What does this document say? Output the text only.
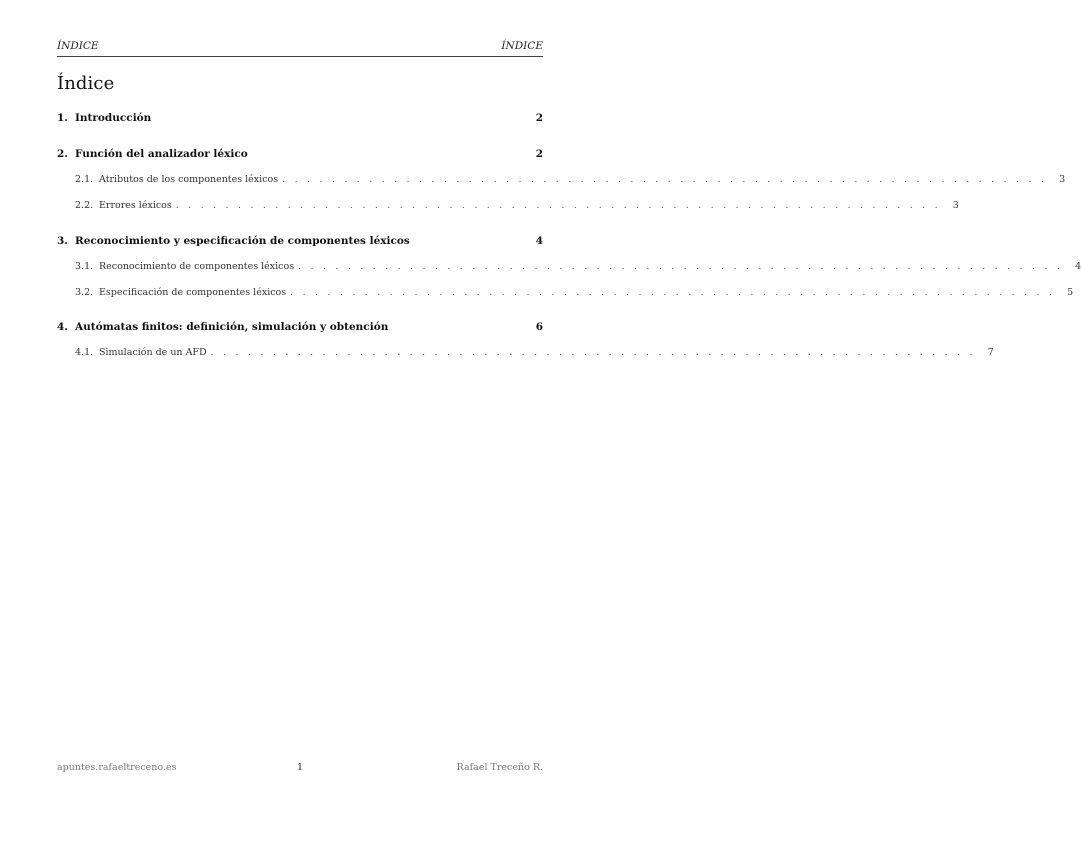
ÍNDICE	ÍNDICE
Índice
1. Introducción	2
2. Función del analizador léxico	2
2.1. Atributos de los componentes léxicos . . . . . . . . . . . . . . . . . . . . . . . . . . . . . . . . . . . . . . . . . . . . . . . . . . . . . . . . . . . . . .	3
2.2. Errores léxicos . . . . . . . . . . . . . . . . . . . . . . . . . . . . . . . . . . . . . . . . . . . . . . . . . . . . . . . . . . . . . .	3
3. Reconocimiento y especificación de componentes léxicos	4
3.1. Reconocimiento de componentes léxicos . . . . . . . . . . . . . . . . . . . . . . . . . . . . . . . . . . . . . . . . . . . . . . . . . . . . . . . . . . . . . .	4
3.2. Especificación de componentes léxicos . . . . . . . . . . . . . . . . . . . . . . . . . . . . . . . . . . . . . . . . . . . . . . . . . . . . . . . . . . . . . .	5
4. Autómatas finitos: definición, simulación y obtención	6
4.1. Simulación de un AFD . . . . . . . . . . . . . . . . . . . . . . . . . . . . . . . . . . . . . . . . . . . . . . . . . . . . . . . . . . . . . .	7
apuntes.rafaeltreceno.es	1	Rafael Treceño R.
